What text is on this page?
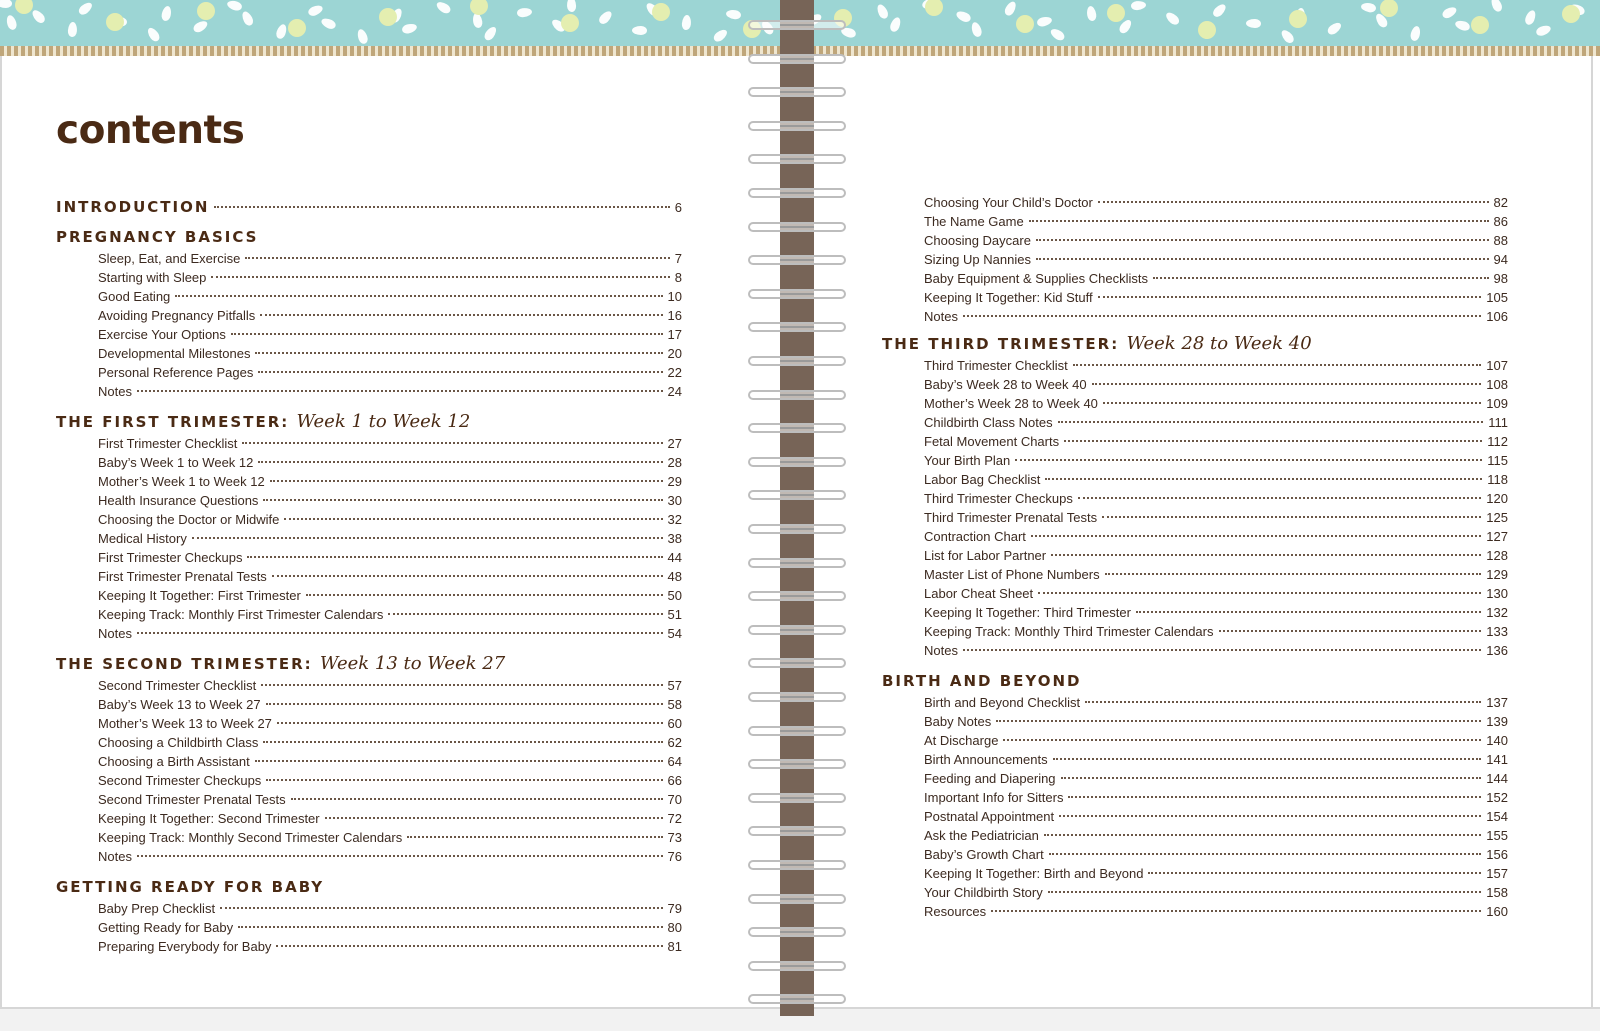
contents
INTRODUCTION	6
PREGNANCY BASICS
Sleep, Eat, and Exercise	7
Starting with Sleep	8
Good Eating	10
Avoiding Pregnancy Pitfalls	16
Exercise Your Options	17
Developmental Milestones	20
Personal Reference Pages	22
Notes	24
THE FIRST TRIMESTER: Week 1 to Week 12
First Trimester Checklist	27
Baby’s Week 1 to Week 12	28
Mother’s Week 1 to Week 12	29
Health Insurance Questions	30
Choosing the Doctor or Midwife	32
Medical History	38
First Trimester Checkups	44
First Trimester Prenatal Tests	48
Keeping It Together: First Trimester	50
Keeping Track: Monthly First Trimester Calendars	51
Notes	54
THE SECOND TRIMESTER: Week 13 to Week 27
Second Trimester Checklist	57
Baby’s Week 13 to Week 27	58
Mother’s Week 13 to Week 27	60
Choosing a Childbirth Class	62
Choosing a Birth Assistant	64
Second Trimester Checkups	66
Second Trimester Prenatal Tests	70
Keeping It Together: Second Trimester	72
Keeping Track: Monthly Second Trimester Calendars	73
Notes	76
GETTING READY FOR BABY
Baby Prep Checklist	79
Getting Ready for Baby	80
Preparing Everybody for Baby	81
Choosing Your Child’s Doctor	82
The Name Game	86
Choosing Daycare	88
Sizing Up Nannies	94
Baby Equipment & Supplies Checklists	98
Keeping It Together: Kid Stuff	105
Notes	106
THE THIRD TRIMESTER: Week 28 to Week 40
Third Trimester Checklist	107
Baby’s Week 28 to Week 40	108
Mother’s Week 28 to Week 40	109
Childbirth Class Notes	111
Fetal Movement Charts	112
Your Birth Plan	115
Labor Bag Checklist	118
Third Trimester Checkups	120
Third Trimester Prenatal Tests	125
Contraction Chart	127
List for Labor Partner	128
Master List of Phone Numbers	129
Labor Cheat Sheet	130
Keeping It Together: Third Trimester	132
Keeping Track: Monthly Third Trimester Calendars	133
Notes	136
BIRTH AND BEYOND
Birth and Beyond Checklist	137
Baby Notes	139
At Discharge	140
Birth Announcements	141
Feeding and Diapering	144
Important Info for Sitters	152
Postnatal Appointment	154
Ask the Pediatrician	155
Baby’s Growth Chart	156
Keeping It Together: Birth and Beyond	157
Your Childbirth Story	158
Resources	160
